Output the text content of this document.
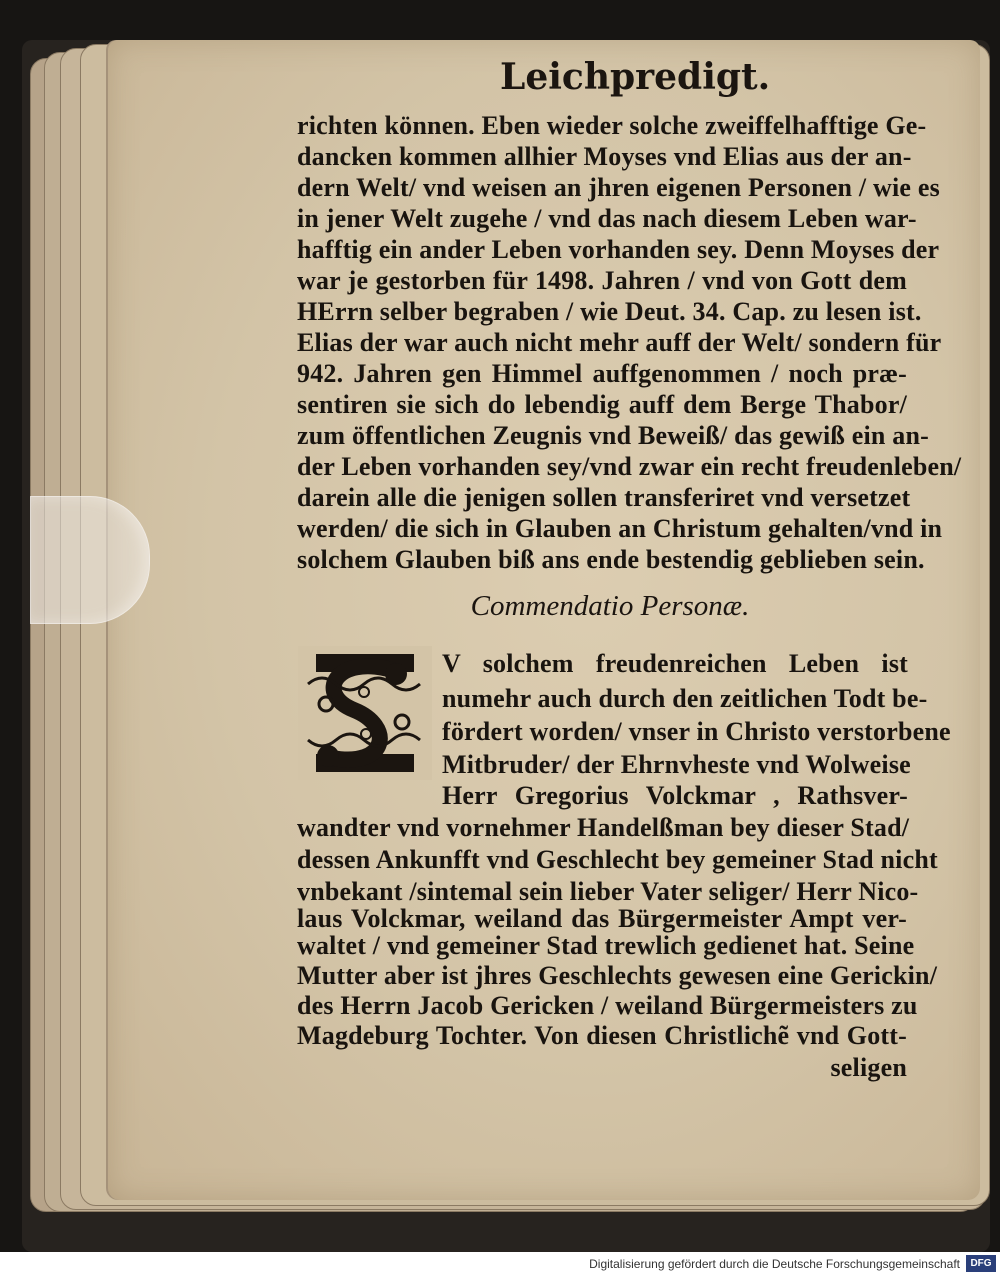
Leichpredigt.
richten können. Eben wieder solche zweiffelhafftige Ge-
dancken kommen allhier Moyses vnd Elias aus der an-
dern Welt/ vnd weisen an jhren eigenen Personen / wie es
in jener Welt zugehe / vnd das nach diesem Leben war-
hafftig ein ander Leben vorhanden sey. Denn Moyses der
war je gestorben für 1498. Jahren / vnd von Gott dem
HErrn selber begraben / wie Deut. 34. Cap. zu lesen ist.
Elias der war auch nicht mehr auff der Welt/ sondern für
942. Jahren gen Himmel auffgenommen / noch præ-
sentiren sie sich do lebendig auff dem Berge Thabor/
zum öffentlichen Zeugnis vnd Beweiß/ das gewiß ein an-
der Leben vorhanden sey/vnd zwar ein recht freudenleben/
darein alle die jenigen sollen transferiret vnd versetzet
werden/ die sich in Glauben an Christum gehalten/vnd in
solchem Glauben biß ans ende bestendig geblieben sein.
Commendatio Personæ.
V solchem freudenreichen Leben ist
numehr auch durch den zeitlichen Todt be-
fördert worden/ vnser in Christo verstorbene
Mitbruder/ der Ehrnvheste vnd Wolweise
Herr Gregorius Volckmar , Rathsver-
wandter vnd vornehmer Handelßman bey dieser Stad/
dessen Ankunfft vnd Geschlecht bey gemeiner Stad nicht
vnbekant /sintemal sein lieber Vater seliger/ Herr Nico-
laus Volckmar, weiland das Bürgermeister Ampt ver-
waltet / vnd gemeiner Stad trewlich gedienet hat. Seine
Mutter aber ist jhres Geschlechts gewesen eine Gerickin/
des Herrn Jacob Gericken / weiland Bürgermeisters zu
Magdeburg Tochter. Von diesen Christlichẽ vnd Gott-
seligen
Digitalisierung gefördert durch die Deutsche Forschungsgemeinschaft	DFG
